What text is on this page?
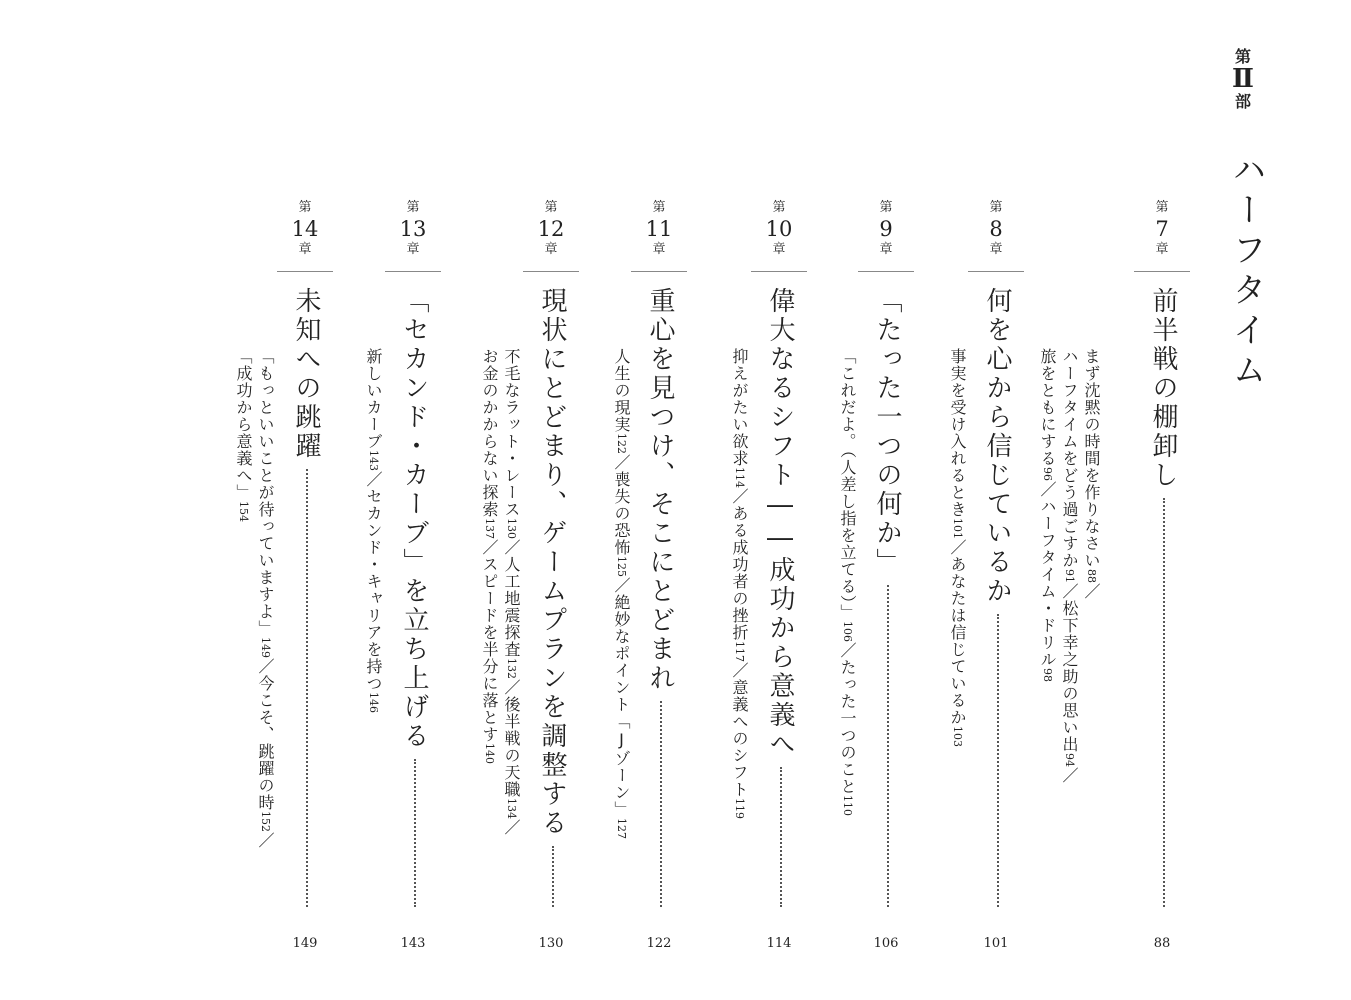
第
Ⅱ
部
ハーフタイム
第
7
章
前半戦の棚卸し
88
まず沈黙の時間を作りなさい88／
ハーフタイムをどう過ごすか91／松下幸之助の思い出94／
旅をともにする96／ハーフタイム・ドリル98
第
8
章
何を心から信じているか
101
事実を受け入れるとき101／あなたは信じているか103
第
9
章
「たった一つの何か」
106
「これだよ。（人差し指を立てる）」106／たった一つのこと110
第
10
章
偉大なるシフト――成功から意義へ
114
抑えがたい欲求114／ある成功者の挫折117／意義へのシフト119
第
11
章
重心を見つけ、そこにとどまれ
122
人生の現実122／喪失の恐怖125／絶妙なポイント「Jゾーン」127
第
12
章
現状にとどまり、ゲームプランを調整する
130
不毛なラット・レース130／人工地震探査132／後半戦の天職134／
お金のかからない探索137／スピードを半分に落とす140
第
13
章
「セカンド・カーブ」を立ち上げる
143
新しいカーブ143／セカンド・キャリアを持つ146
第
14
章
未知への跳躍
149
「もっといいことが待っていますよ」149／今こそ、跳躍の時152／
「成功から意義へ」154
